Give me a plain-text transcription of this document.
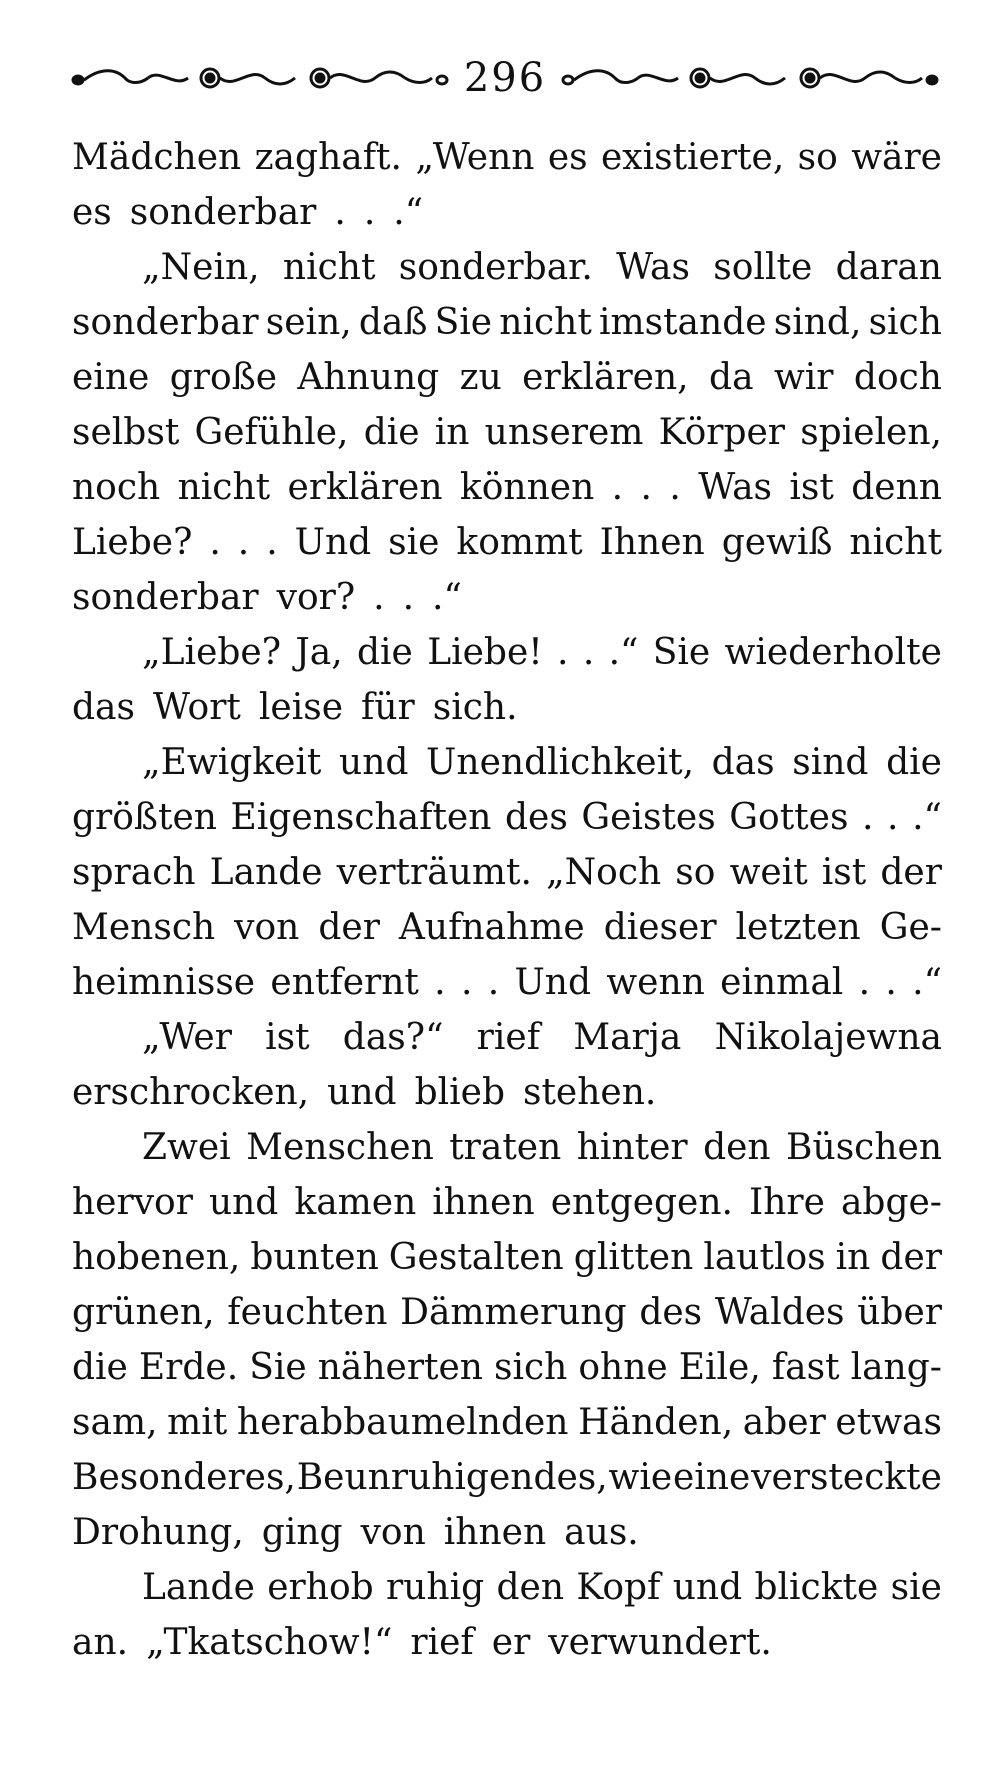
296
Mädchen zaghaft. „Wenn es existierte, so wäre
es sonderbar . . .“
„Nein, nicht sonderbar. Was sollte daran
sonderbar sein, daß Sie nicht imstande sind, sich
eine große Ahnung zu erklären, da wir doch
selbst Gefühle, die in unserem Körper spielen,
noch nicht erklären können . . . Was ist denn
Liebe? . . . Und sie kommt Ihnen gewiß nicht
sonderbar vor? . . .“
„Liebe? Ja, die Liebe! . . .“ Sie wiederholte
das Wort leise für sich.
„Ewigkeit und Unendlichkeit, das sind die
größten Eigenschaften des Geistes Gottes . . .“
sprach Lande verträumt. „Noch so weit ist der
Mensch von der Aufnahme dieser letzten Ge-
heimnisse entfernt . . . Und wenn einmal . . .“
„Wer ist das?“ rief Marja Nikolajewna
erschrocken, und blieb stehen.
Zwei Menschen traten hinter den Büschen
hervor und kamen ihnen entgegen. Ihre abge-
hobenen, bunten Gestalten glitten lautlos in der
grünen, feuchten Dämmerung des Waldes über
die Erde. Sie näherten sich ohne Eile, fast lang-
sam, mit herabbaumelnden Händen, aber etwas
Besonderes, Beunruhigendes, wie eine versteckte
Drohung, ging von ihnen aus.
Lande erhob ruhig den Kopf und blickte sie
an. „Tkatschow!“ rief er verwundert.
